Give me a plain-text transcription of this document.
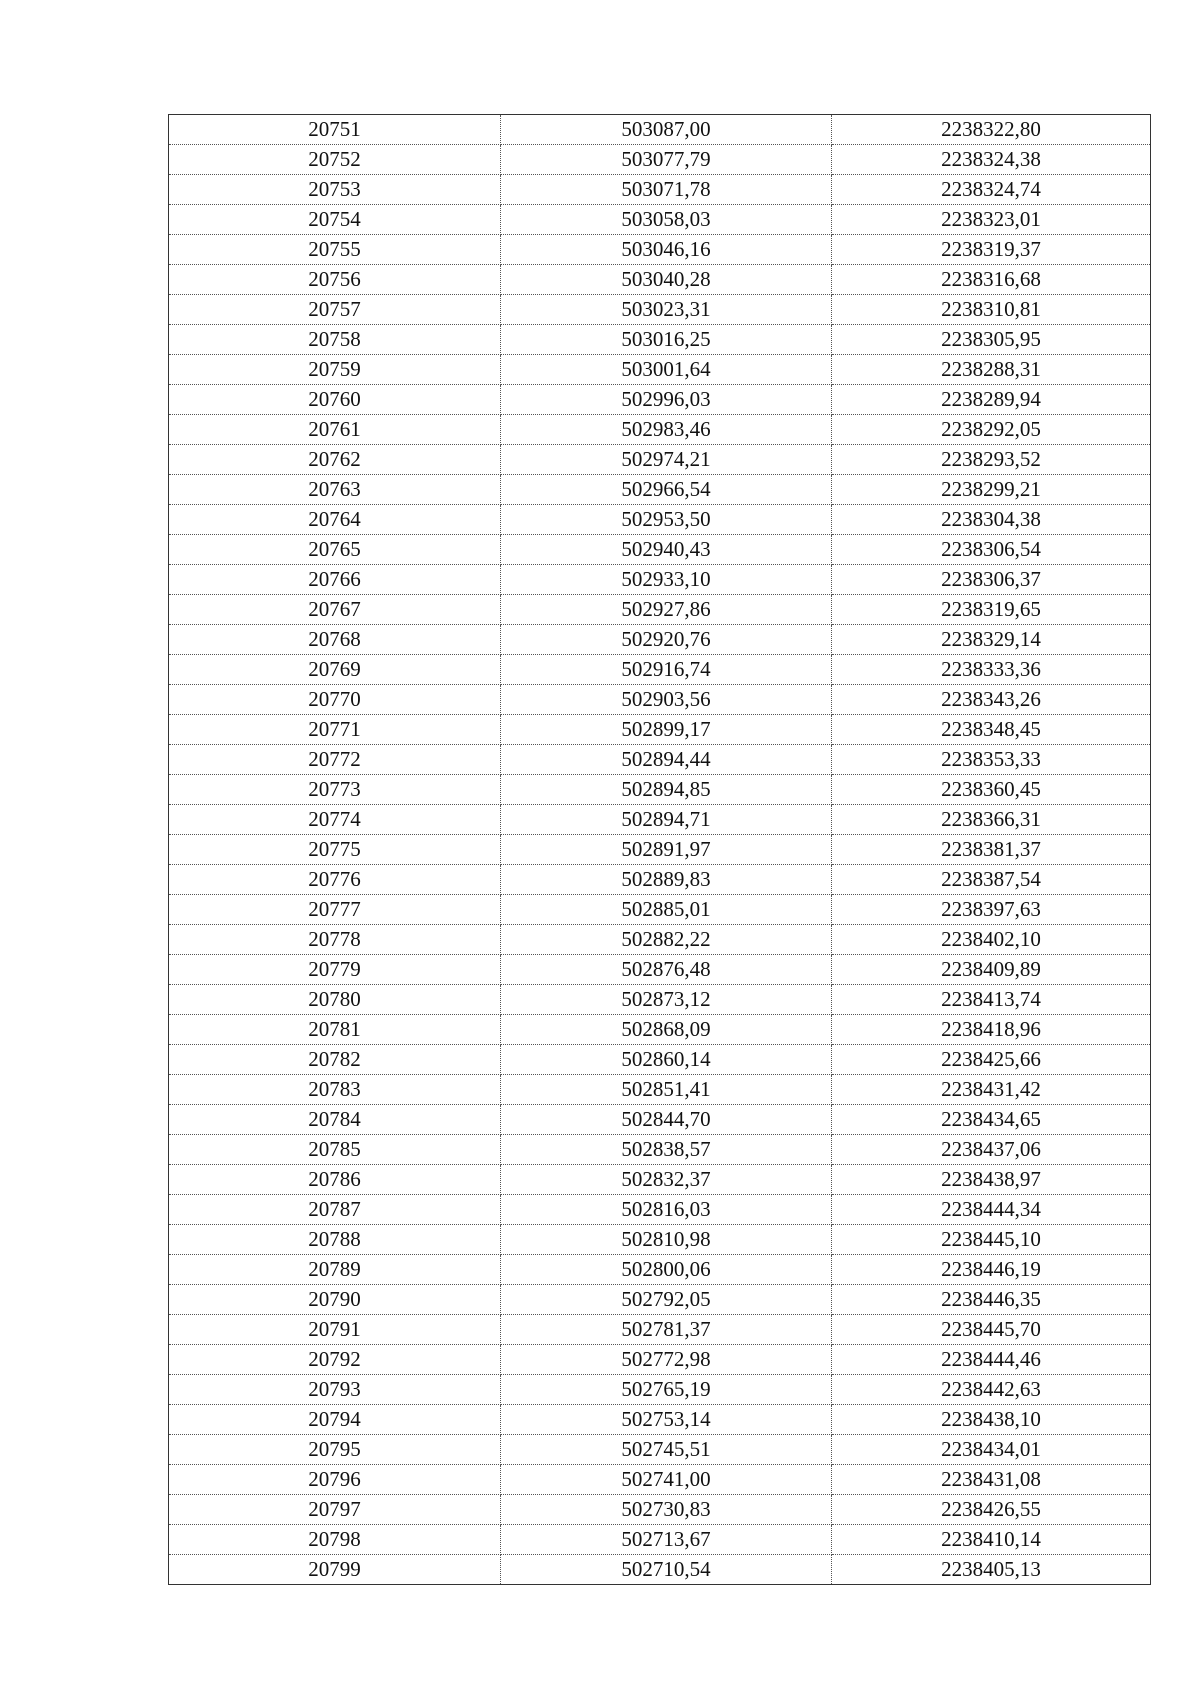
20751	503087,00	2238322,80
20752	503077,79	2238324,38
20753	503071,78	2238324,74
20754	503058,03	2238323,01
20755	503046,16	2238319,37
20756	503040,28	2238316,68
20757	503023,31	2238310,81
20758	503016,25	2238305,95
20759	503001,64	2238288,31
20760	502996,03	2238289,94
20761	502983,46	2238292,05
20762	502974,21	2238293,52
20763	502966,54	2238299,21
20764	502953,50	2238304,38
20765	502940,43	2238306,54
20766	502933,10	2238306,37
20767	502927,86	2238319,65
20768	502920,76	2238329,14
20769	502916,74	2238333,36
20770	502903,56	2238343,26
20771	502899,17	2238348,45
20772	502894,44	2238353,33
20773	502894,85	2238360,45
20774	502894,71	2238366,31
20775	502891,97	2238381,37
20776	502889,83	2238387,54
20777	502885,01	2238397,63
20778	502882,22	2238402,10
20779	502876,48	2238409,89
20780	502873,12	2238413,74
20781	502868,09	2238418,96
20782	502860,14	2238425,66
20783	502851,41	2238431,42
20784	502844,70	2238434,65
20785	502838,57	2238437,06
20786	502832,37	2238438,97
20787	502816,03	2238444,34
20788	502810,98	2238445,10
20789	502800,06	2238446,19
20790	502792,05	2238446,35
20791	502781,37	2238445,70
20792	502772,98	2238444,46
20793	502765,19	2238442,63
20794	502753,14	2238438,10
20795	502745,51	2238434,01
20796	502741,00	2238431,08
20797	502730,83	2238426,55
20798	502713,67	2238410,14
20799	502710,54	2238405,13
